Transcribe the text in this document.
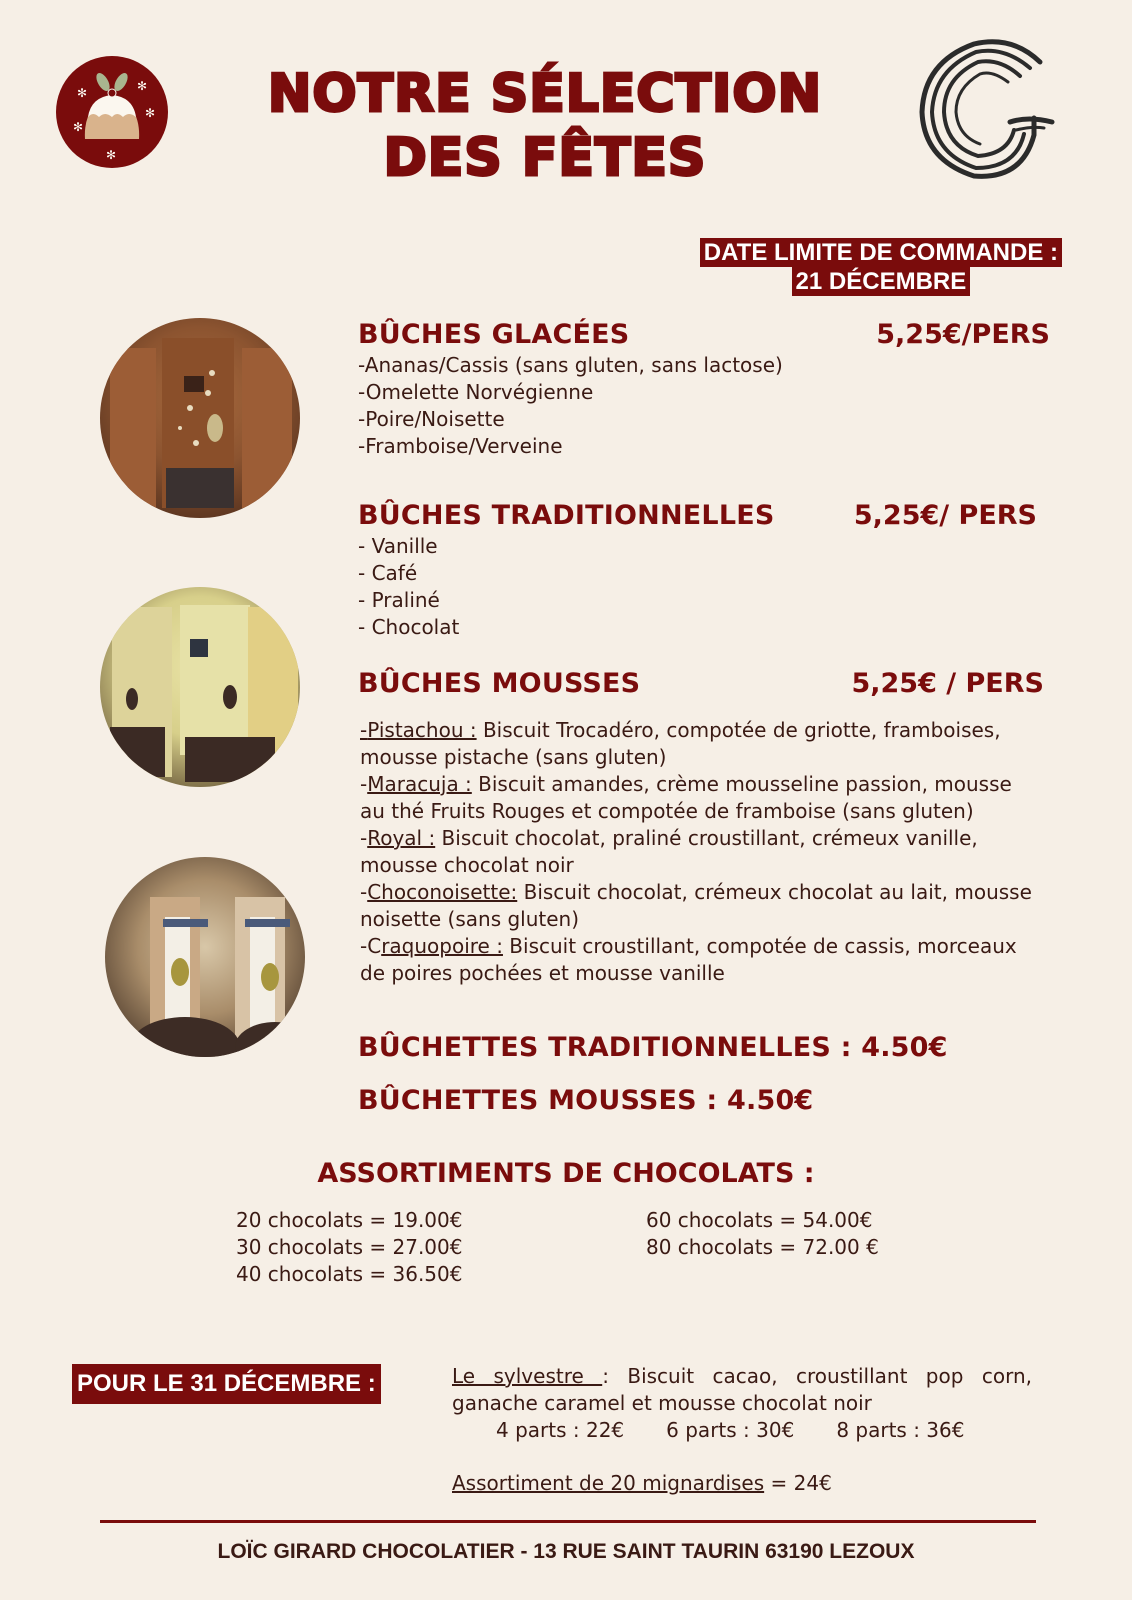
✻	✻
✻
✻
✻
NOTRE SÉLECTION
DES FÊTES
DATE LIMITE DE COMMANDE :
21 DÉCEMBRE
BÛCHES GLACÉES	5,25€/PERS
-Ananas/Cassis (sans gluten, sans lactose)
-Omelette Norvégienne
-Poire/Noisette
-Framboise/Verveine
BÛCHES TRADITIONNELLES	5,25€/ PERS
- Vanille
- Café
- Praliné
- Chocolat
BÛCHES MOUSSES	5,25€ / PERS
-Pistachou : Biscuit Trocadéro, compotée de griotte, framboises, mousse pistache (sans gluten)
-Maracuja : Biscuit amandes, crème mousseline passion, mousse au thé Fruits Rouges et compotée de framboise (sans gluten)
-Royal : Biscuit chocolat, praliné croustillant, crémeux vanille, mousse chocolat noir
-Choconoisette: Biscuit chocolat, crémeux chocolat au lait, mousse noisette (sans gluten)
-Craquopoire : Biscuit croustillant, compotée de cassis, morceaux de poires pochées et mousse vanille
BÛCHETTES TRADITIONNELLES : 4.50€
BÛCHETTES MOUSSES : 4.50€
ASSORTIMENTS DE CHOCOLATS :
20 chocolats = 19.00€
30 chocolats = 27.00€
40 chocolats = 36.50€
60 chocolats = 54.00€
80 chocolats = 72.00 €
POUR LE 31 DÉCEMBRE :	Le sylvestre : Biscuit cacao, croustillant pop corn, ganache caramel et mousse chocolat noir
4 parts : 22€ 6 parts : 30€ 8 parts : 36€
Assortiment de 20 mignardises = 24€
LOÏC GIRARD CHOCOLATIER - 13 RUE SAINT TAURIN 63190 LEZOUX
